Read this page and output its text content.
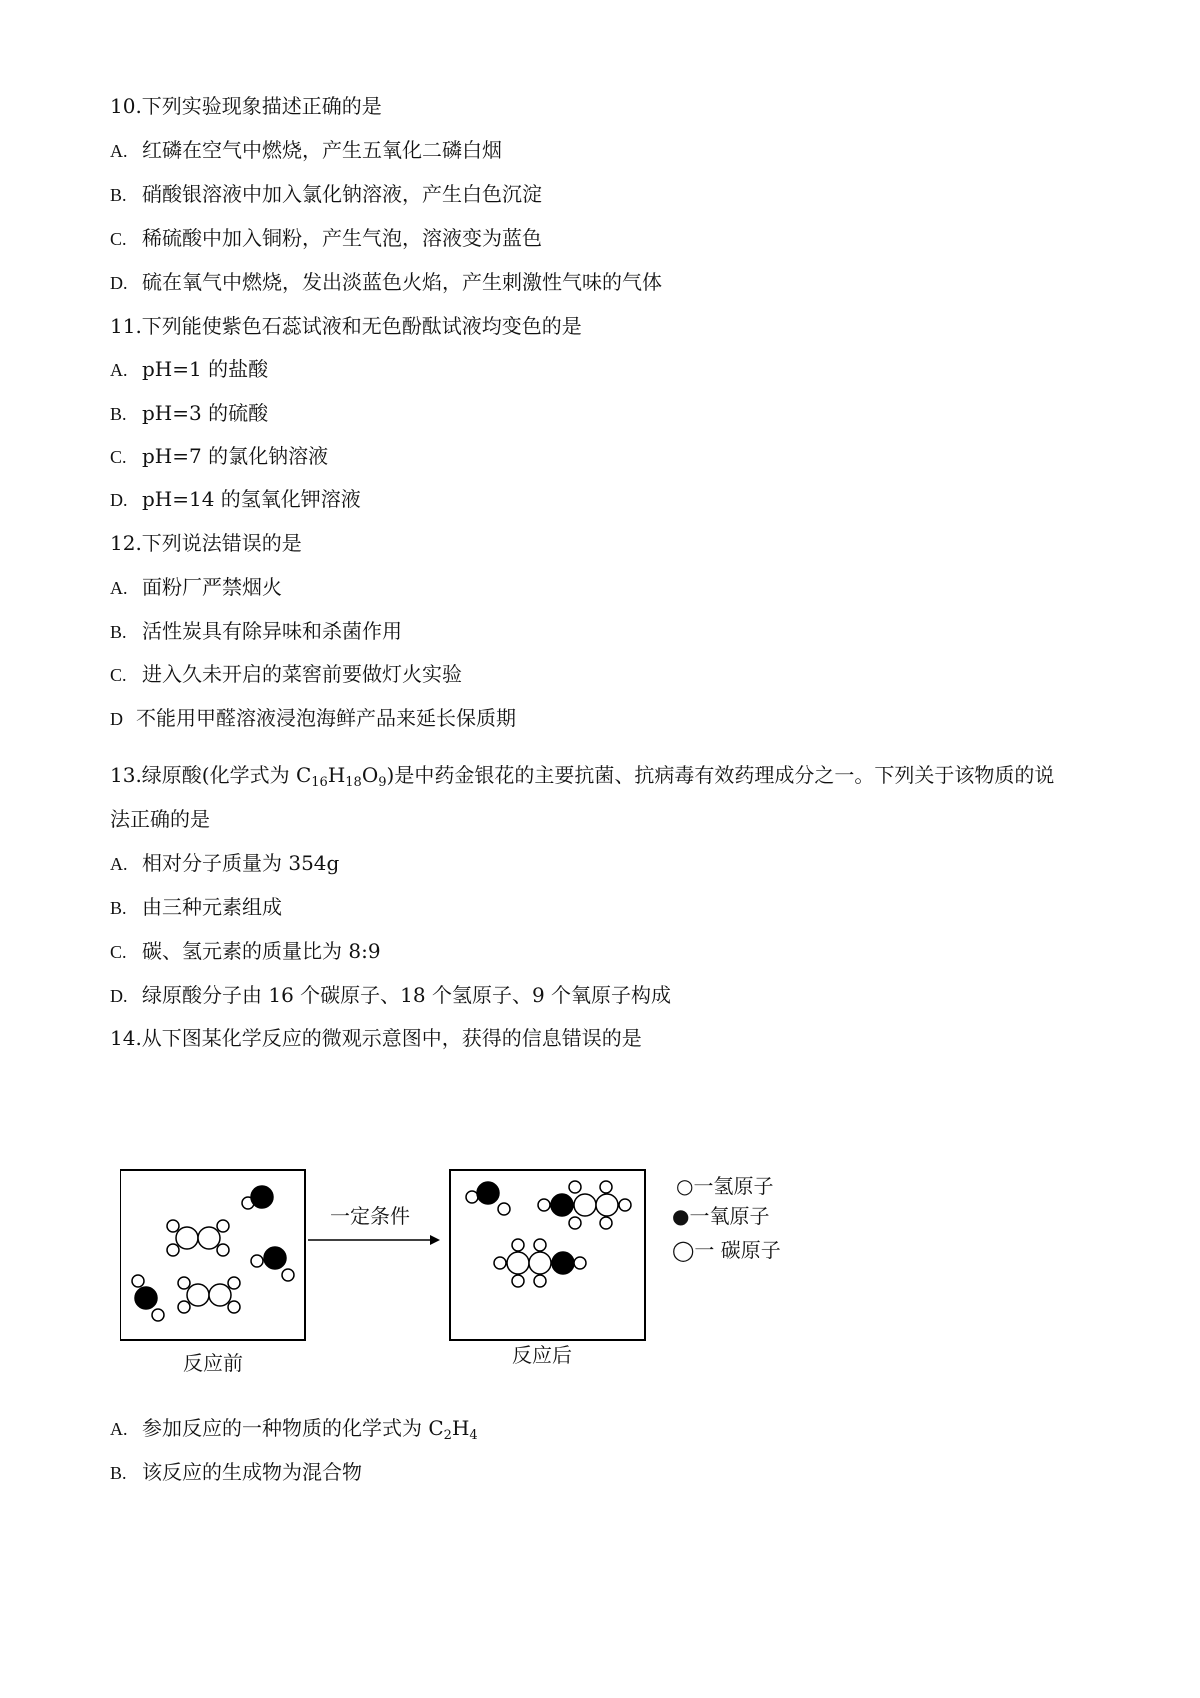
10.下列实验现象描述正确的是
A. 红磷在空气中燃烧，产生五氧化二磷白烟
B. 硝酸银溶液中加入氯化钠溶液，产生白色沉淀
C. 稀硫酸中加入铜粉，产生气泡，溶液变为蓝色
D. 硫在氧气中燃烧，发出淡蓝色火焰，产生刺激性气味的气体
11.下列能使紫色石蕊试液和无色酚酞试液均变色的是
A. pH=1 的盐酸
B. pH=3 的硫酸
C. pH=7 的氯化钠溶液
D. pH=14 的氢氧化钾溶液
12.下列说法错误的是
A. 面粉厂严禁烟火
B. 活性炭具有除异味和杀菌作用
C. 进入久未开启的菜窖前要做灯火实验
D 不能用甲醛溶液浸泡海鲜产品来延长保质期
13.绿原酸(化学式为 $C_{16}H_{18}O_9$)是中药金银花的主要抗菌、抗病毒有效药理成分之一。下列关于该物质的说
法正确的是
A. 相对分子质量为 354g
B. 由三种元素组成
C. 碳、氢元素的质量比为 8:9
D. 绿原酸分子由 16 个碳原子、18 个氢原子、9 个氧原子构成
14.从下图某化学反应的微观示意图中，获得的信息错误的是
反应前
一定条件
反应后
○一氢原子
●一氧原子
◯一 碳原子
A. 参加反应的一种物质的化学式为 $C_2H_4$
B. 该反应的生成物为混合物
